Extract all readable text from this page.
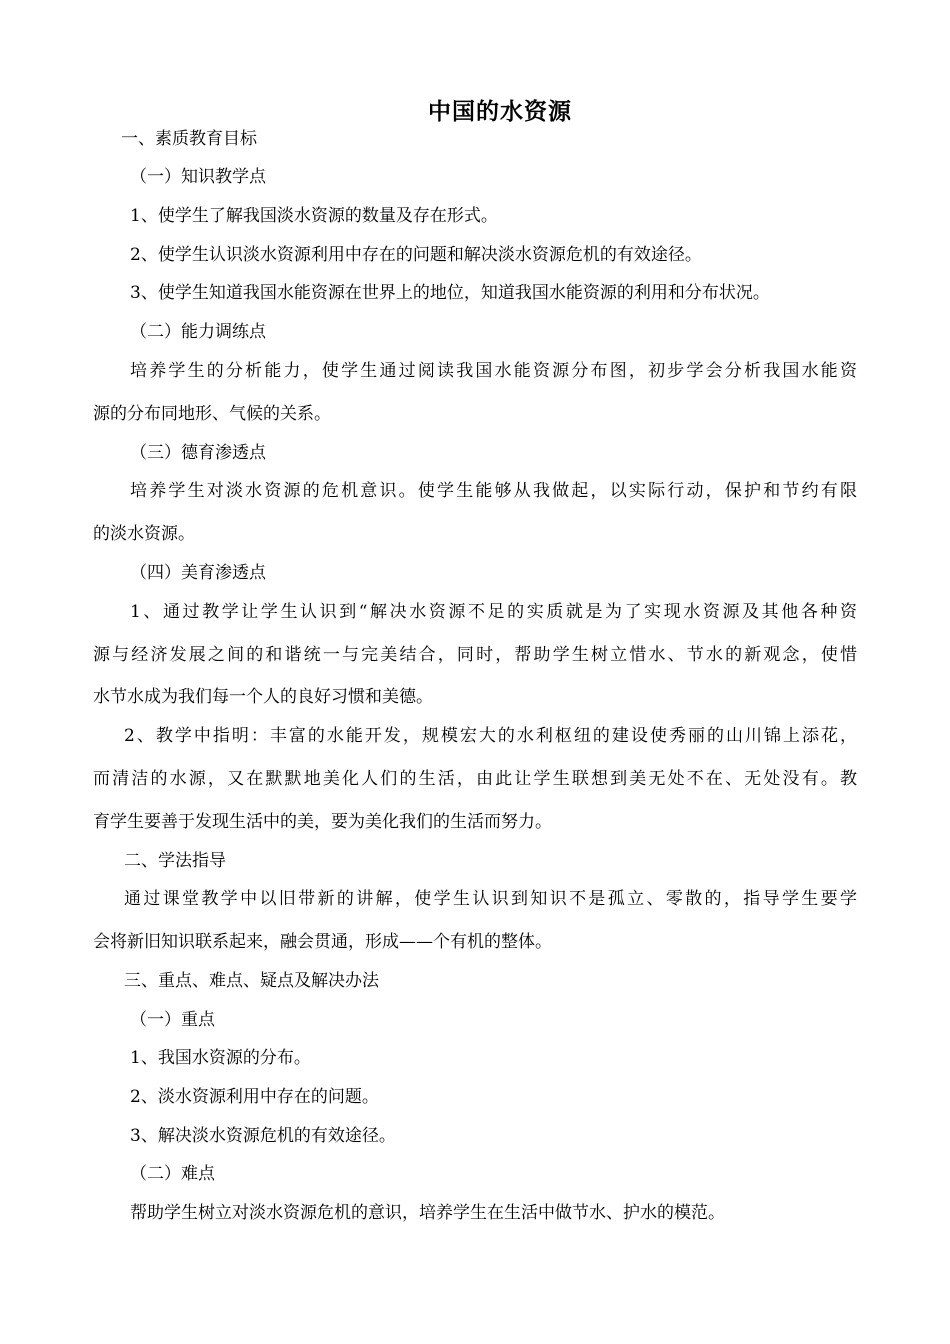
中国的水资源
一、素质教育目标
（一）知识教学点
1、使学生了解我国淡水资源的数量及存在形式。
2、使学生认识淡水资源利用中存在的问题和解决淡水资源危机的有效途径。
3、使学生知道我国水能资源在世界上的地位，知道我国水能资源的利用和分布状况。
（二）能力调练点
培养学生的分析能力，使学生通过阅读我国水能资源分布图，初步学会分析我国水能资
源的分布同地形、气候的关系。
（三）德育渗透点
培养学生对淡水资源的危机意识。使学生能够从我做起，以实际行动，保护和节约有限
的淡水资源。
（四）美育渗透点
1、通过教学让学生认识到“解决水资源不足的实质就是为了实现水资源及其他各种资
源与经济发展之间的和谐统一与完美结合，同时，帮助学生树立惜水、节水的新观念，使惜
水节水成为我们每一个人的良好习惯和美德。
2、教学中指明：丰富的水能开发，规模宏大的水利枢纽的建设使秀丽的山川锦上添花，
而清洁的水源，又在默默地美化人们的生活，由此让学生联想到美无处不在、无处没有。教
育学生要善于发现生活中的美，要为美化我们的生活而努力。
二、学法指导
通过课堂教学中以旧带新的讲解，使学生认识到知识不是孤立、零散的，指导学生要学
会将新旧知识联系起来，融会贯通，形成——个有机的整体。
三、重点、难点、疑点及解决办法
（一）重点
1、我国水资源的分布。
2、淡水资源利用中存在的问题。
3、解决淡水资源危机的有效途径。
（二）难点
帮助学生树立对淡水资源危机的意识，培养学生在生活中做节水、护水的模范。
